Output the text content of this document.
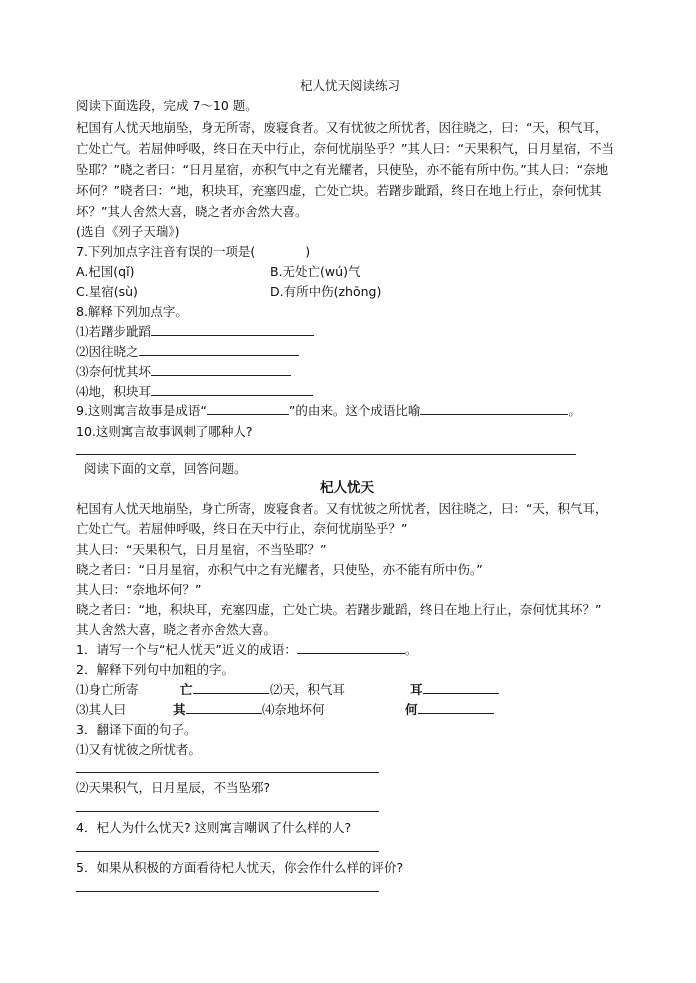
杞人忧天阅读练习
阅读下面选段，完成 7～10 题。
杞国有人忧天地崩坠，身无所寄，废寝食者。又有忧彼之所忧者，因往晓之，曰：“天，积气耳，
亡处亡气。若屈伸呼吸，终日在天中行止，奈何忧崩坠乎？”其人曰：“天果积气，日月星宿，不当
坠耶？”晓之者曰：“日月星宿，亦积气中之有光耀者，只使坠，亦不能有所中伤。”其人曰：“奈地
坏何？”晓者曰：“地，积块耳，充塞四虚，亡处亡块。若躇步跐蹈，终日在地上行止，奈何忧其
坏？”其人舍然大喜，晓之者亦舍然大喜。
(选自《列子天瑞》)
7.下列加点字注音有误的一项是(　　　　)
A.杞国(qǐ)	B.无处亡(wú)气
C.星宿(sù)	D.有所中伤(zhōng)
8.解释下列加点字。
⑴若躇步跐蹈
⑵因往晓之
⑶奈何忧其坏
⑷地，积块耳
9.这则寓言故事是成语“	”的由来。这个成语比喻	。
10.这则寓言故事讽刺了哪种人?
阅读下面的文章，回答问题。
杞人忧天
杞国有人忧天地崩坠，身亡所寄，废寝食者。又有忧彼之所忧者，因往晓之，曰：“天，积气耳，
亡处亡气。若屈伸呼吸，终日在天中行止，奈何忧崩坠乎？”
其人曰：“天果积气，日月星宿，不当坠耶？”
晓之者曰：“日月星宿，亦积气中之有光耀者，只使坠，亦不能有所中伤。”
其人曰：“奈地坏何？”
晓之者曰：“地，积块耳，充塞四虚，亡处亡块。若躇步跐蹈，终日在地上行止，奈何忧其坏？”
其人舍然大喜，晓之者亦舍然大喜。
1．请写一个与“杞人忧天”近义的成语：	。
2．解释下列句中加粗的字。
⑴身亡所寄	亡	⑵天，积气耳	耳
⑶其人曰	其	⑷奈地坏何	何
3．翻译下面的句子。
⑴又有忧彼之所忧者。
⑵天果积气，日月星辰，不当坠邪?
4．杞人为什么忧天? 这则寓言嘲讽了什么样的人?
5．如果从积极的方面看待杞人忧天，你会作什么样的评价?
